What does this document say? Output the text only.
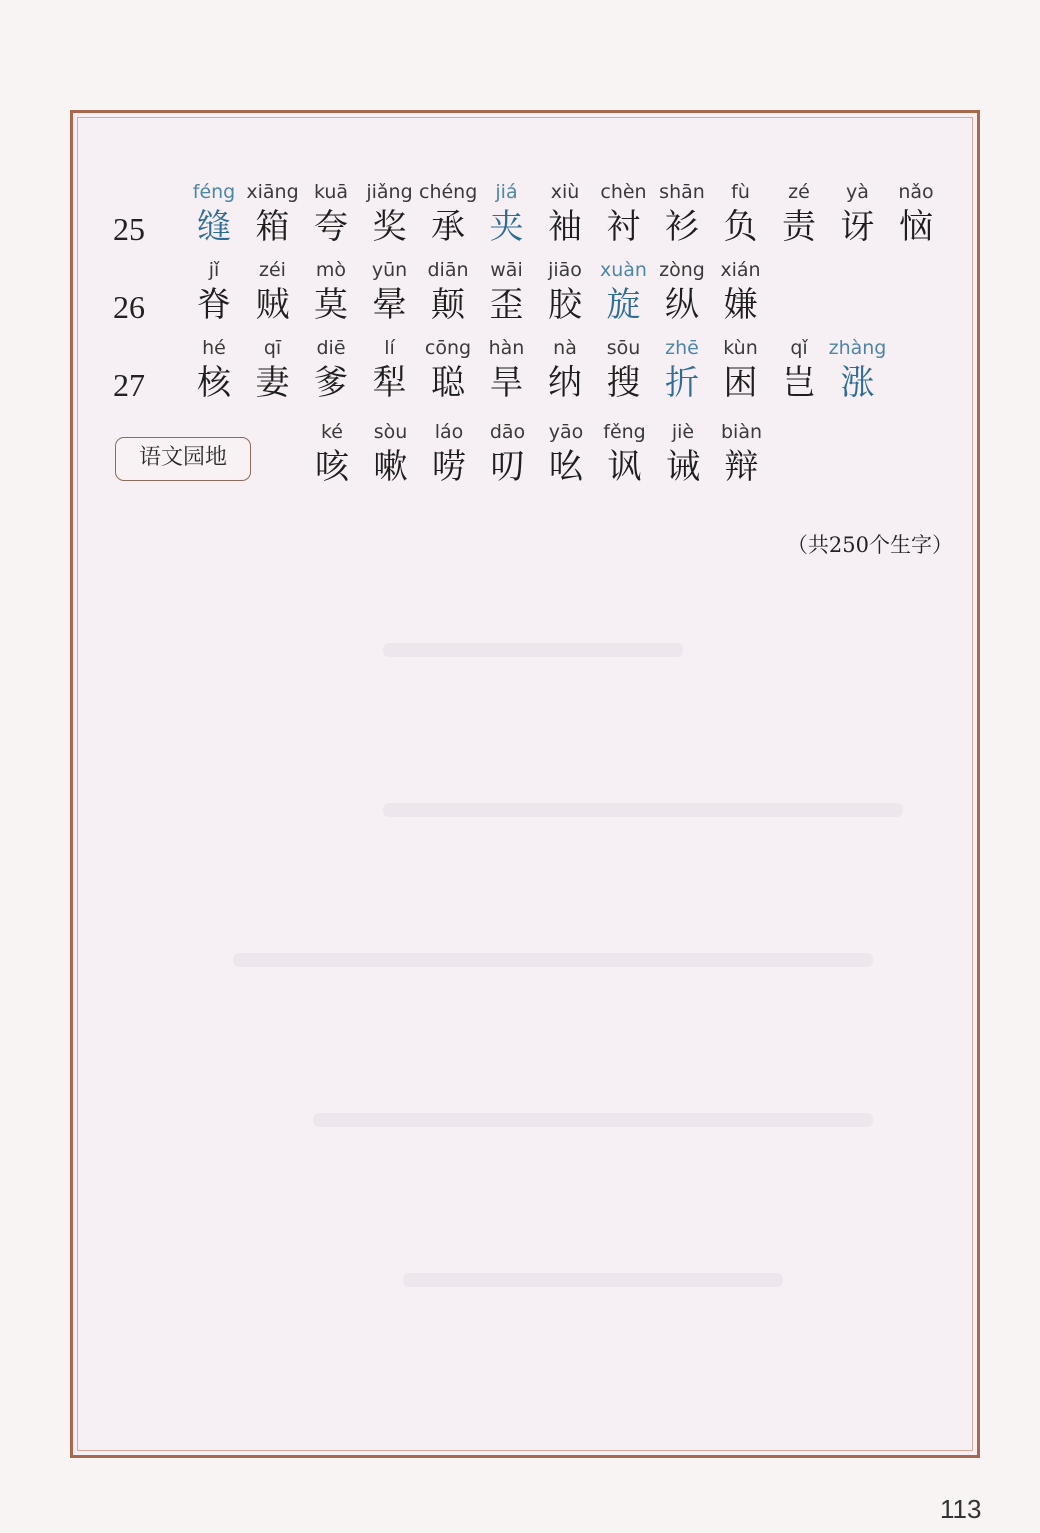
25
féng
缝
xiāng
箱
kuā
夸
jiǎng
奖
chéng
承
jiá
夹
xiù
袖
chèn
衬
shān
衫
fù
负
zé
责
yà
讶
nǎo
恼
26
jǐ
脊
zéi
贼
mò
莫
yūn
晕
diān
颠
wāi
歪
jiāo
胶
xuàn
旋
zòng
纵
xián
嫌
27
hé
核
qī
妻
diē
爹
lí
犁
cōng
聪
hàn
旱
nà
纳
sōu
搜
zhē
折
kùn
困
qǐ
岂
zhàng
涨
语文园地
ké
咳
sòu
嗽
láo
唠
dāo
叨
yāo
吆
fěng
讽
jiè
诫
biàn
辩
（共250个生字）
113
